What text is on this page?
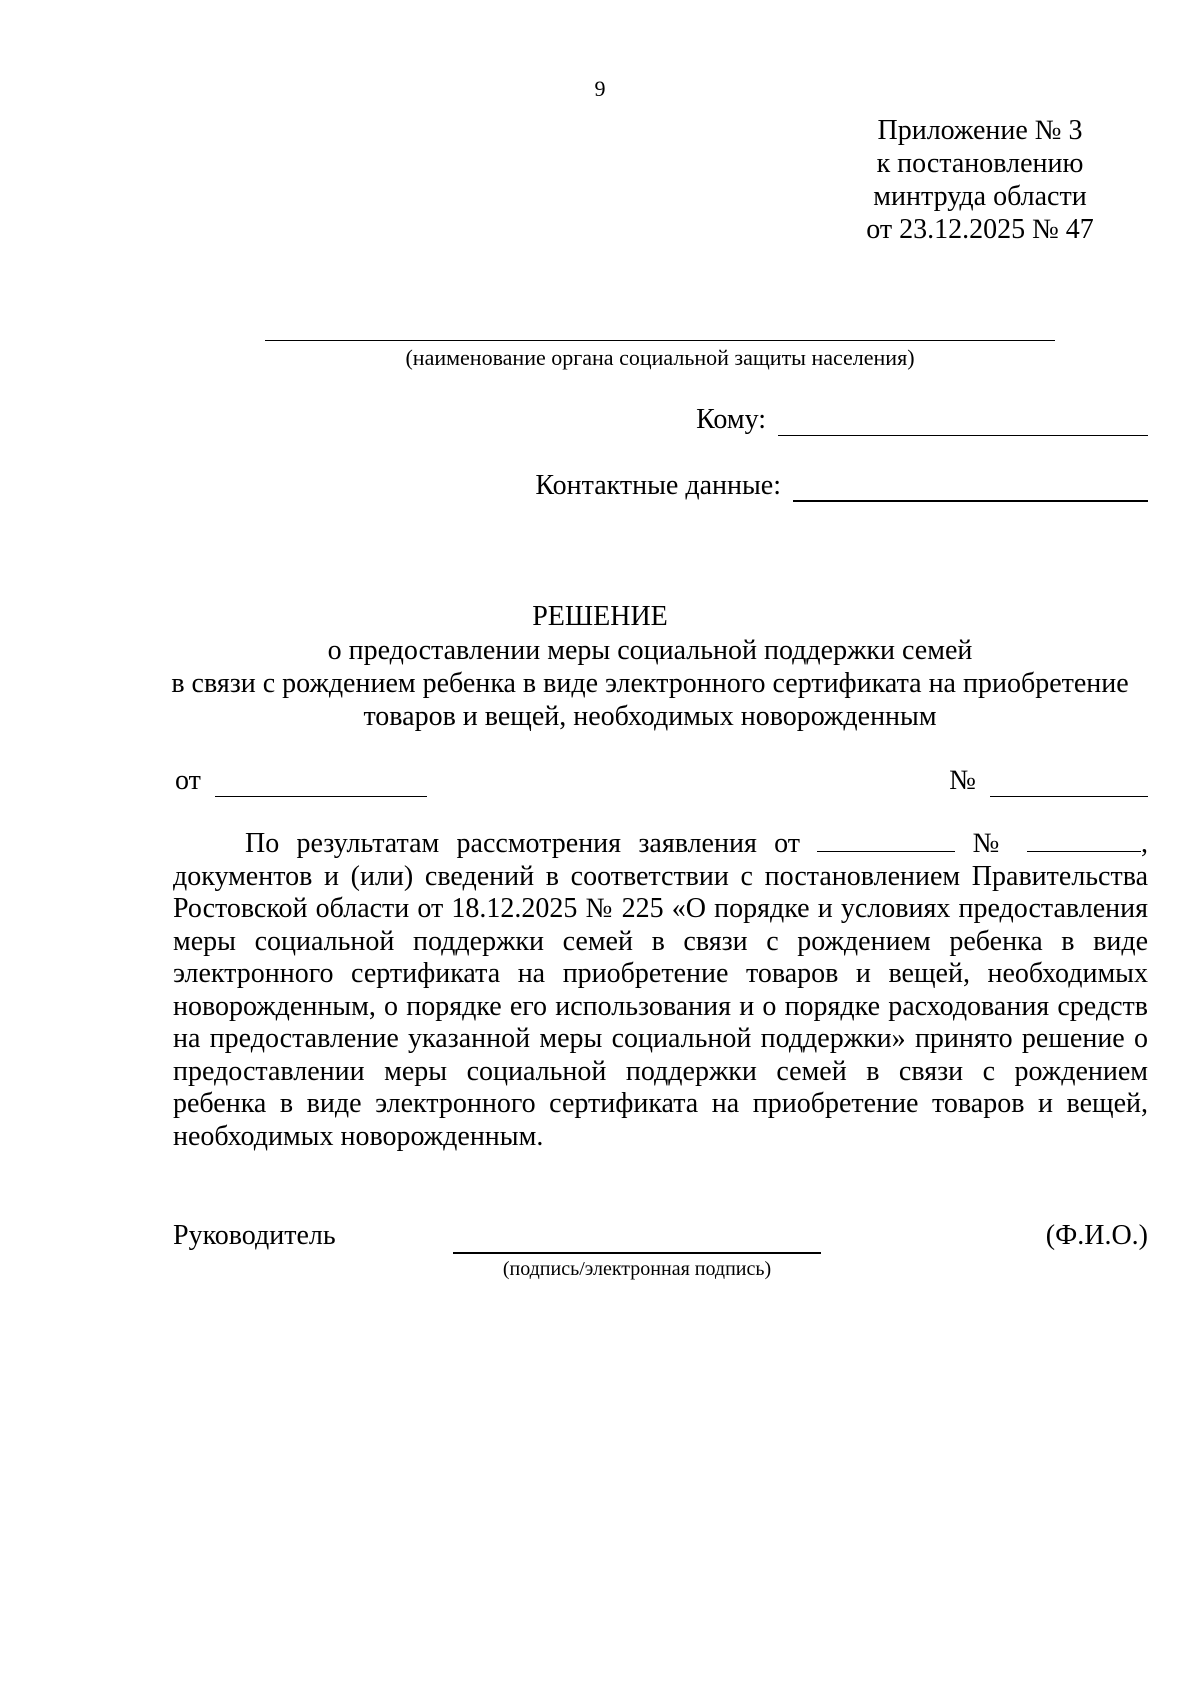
9
Приложение № 3
к постановлению
минтруда области
от 23.12.2025 № 47
(наименование органа социальной защиты населения)
Кому:
Контактные данные:
РЕШЕНИЕ
о предоставлении меры социальной поддержки семей
в связи с рождением ребенка в виде электронного сертификата на приобретение
товаров и вещей, необходимых новорожденным
от	№

По результатам рассмотрения заявления от	№	, документов и (или) сведений в соответствии с постановлением Правительства Ростовской области от 18.12.2025 № 225 «О порядке и условиях предоставления меры социальной поддержки семей в связи с рождением ребенка в виде электронного сертификата на приобретение товаров и вещей, необходимых новорожденным, о порядке его использования и о порядке расходования средств на предоставление указанной меры социальной поддержки» принято решение о предоставлении меры социальной поддержки семей в связи с рождением ребенка в виде электронного сертификата на приобретение товаров и вещей, необходимых новорожденным.

Руководитель
(подпись/электронная подпись)
(Ф.И.О.)
